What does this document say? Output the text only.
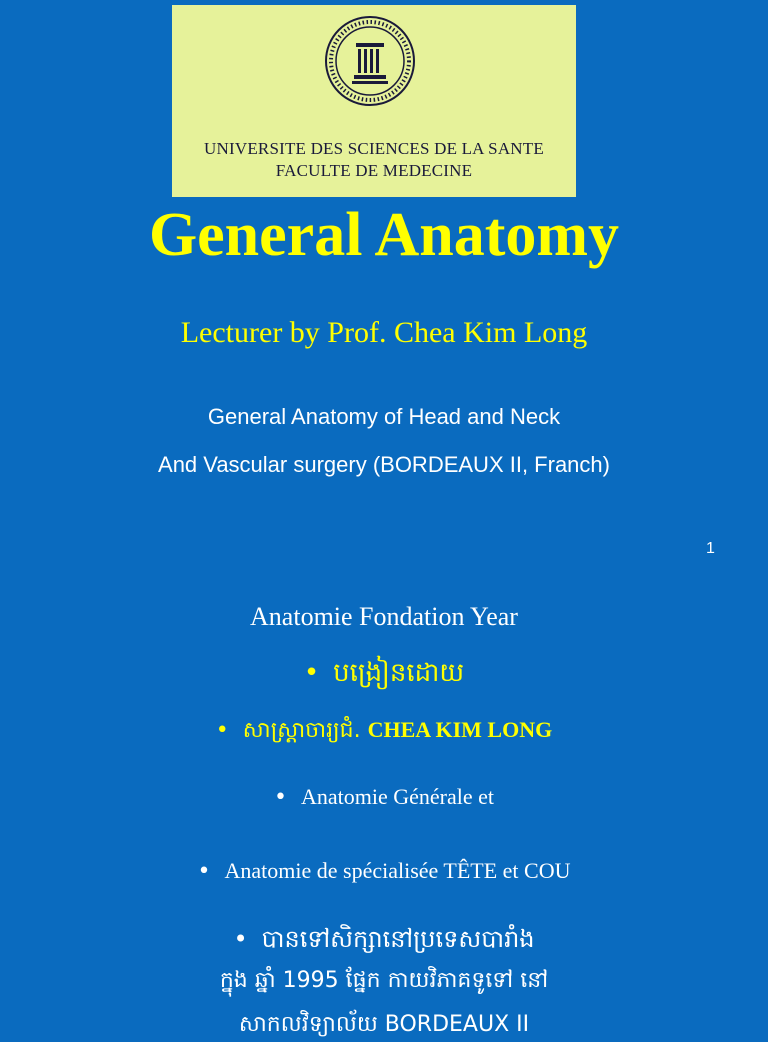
UNIVERSITE DES SCIENCES DE LA SANTE
FACULTE DE MEDECINE
General Anatomy
Lecturer by Prof. Chea Kim Long
General Anatomy of Head and Neck
And Vascular surgery (BORDEAUX II, Franch)
1
Anatomie Fondation Year
• បង្រៀនដោយ
• សាស្រ្តាចារ្យជំ. CHEA KIM LONG
• Anatomie Générale et
• Anatomie de spécialisée TÊTE et COU
• បានទៅសិក្សានៅប្រទេសបារាំង
ក្នុង ឆ្នាំ 1995 ផ្នែក កាយវិភាគទូទៅ នៅ
សាកលវិទ្យាល័យ BORDEAUX II
